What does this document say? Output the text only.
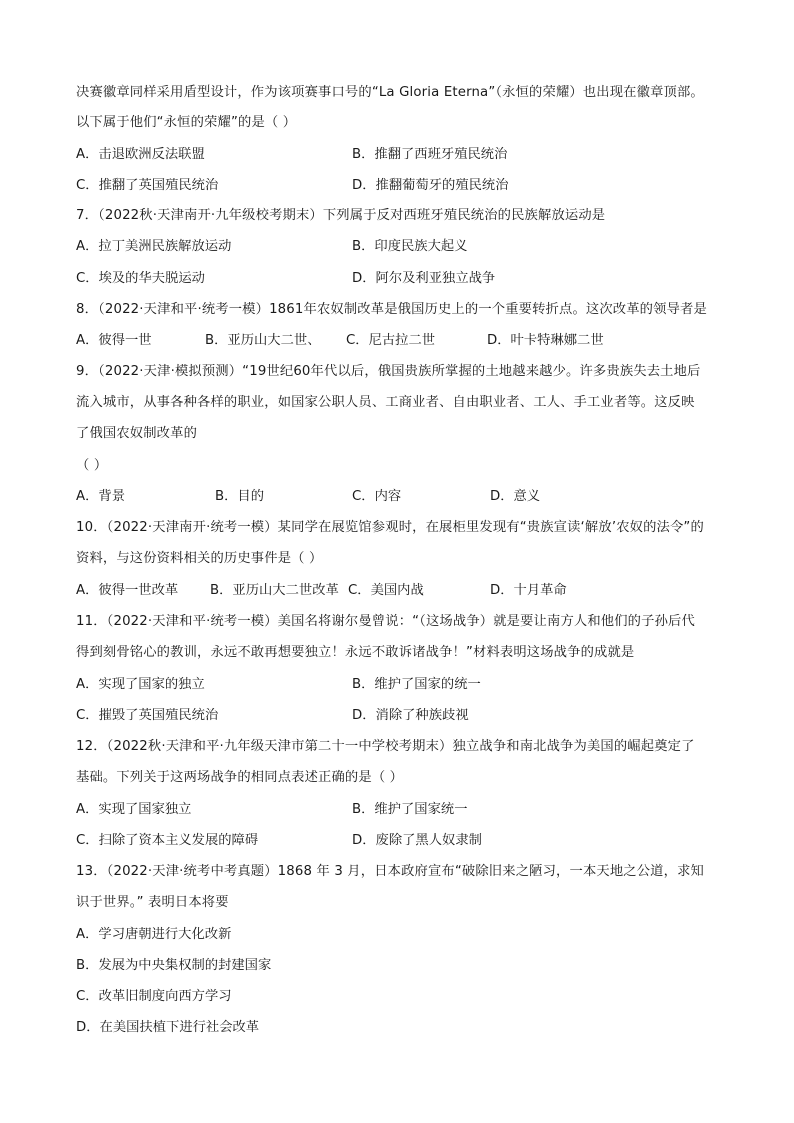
决赛徽章同样采用盾型设计，作为该项赛事口号的“La Gloria Eterna”（永恒的荣耀）也出现在徽章顶部。
以下属于他们“永恒的荣耀”的是（ ）
A．击退欧洲反法联盟	B．推翻了西班牙殖民统治
C．推翻了英国殖民统治	D．推翻葡萄牙的殖民统治
7．（2022秋·天津南开·九年级校考期末）下列属于反对西班牙殖民统治的民族解放运动是
A．拉丁美洲民族解放运动	B．印度民族大起义
C．埃及的华夫脱运动	D．阿尔及利亚独立战争
8．（2022·天津和平·统考一模）1861年农奴制改革是俄国历史上的一个重要转折点。这次改革的领导者是
A．彼得一世	B．亚历山大二世、 C．尼古拉二世	D．叶卡特琳娜二世
9．（2022·天津·模拟预测）“19世纪60年代以后，俄国贵族所掌握的土地越来越少。许多贵族失去土地后
流入城市，从事各种各样的职业，如国家公职人员、工商业者、自由职业者、工人、手工业者等。这反映
了俄国农奴制改革的
（ ）
A．背景	B．目的	C．内容	D．意义
10．（2022·天津南开·统考一模）某同学在展览馆参观时，在展柜里发现有“贵族宣读‘解放’农奴的法令”的
资料，与这份资料相关的历史事件是（ ）
A．彼得一世改革 B．亚历山大二世改革 C．美国内战	D．十月革命
11．（2022·天津和平·统考一模）美国名将谢尔曼曾说：“（这场战争）就是要让南方人和他们的子孙后代
得到刻骨铭心的教训，永远不敢再想要独立！永远不敢诉诸战争！”材料表明这场战争的成就是
A．实现了国家的独立	B．维护了国家的统一
C．摧毁了英国殖民统治	D．消除了种族歧视
12．（2022秋·天津和平·九年级天津市第二十一中学校考期末）独立战争和南北战争为美国的崛起奠定了
基础。下列关于这两场战争的相同点表述正确的是（ ）
A．实现了国家独立	B．维护了国家统一
C．扫除了资本主义发展的障碍	D．废除了黑人奴隶制
13．（2022·天津·统考中考真题）1868 年 3 月，日本政府宣布“破除旧来之陋习，一本天地之公道，求知
识于世界。” 表明日本将要
A．学习唐朝进行大化改新
B．发展为中央集权制的封建国家
C．改革旧制度向西方学习
D．在美国扶植下进行社会改革
